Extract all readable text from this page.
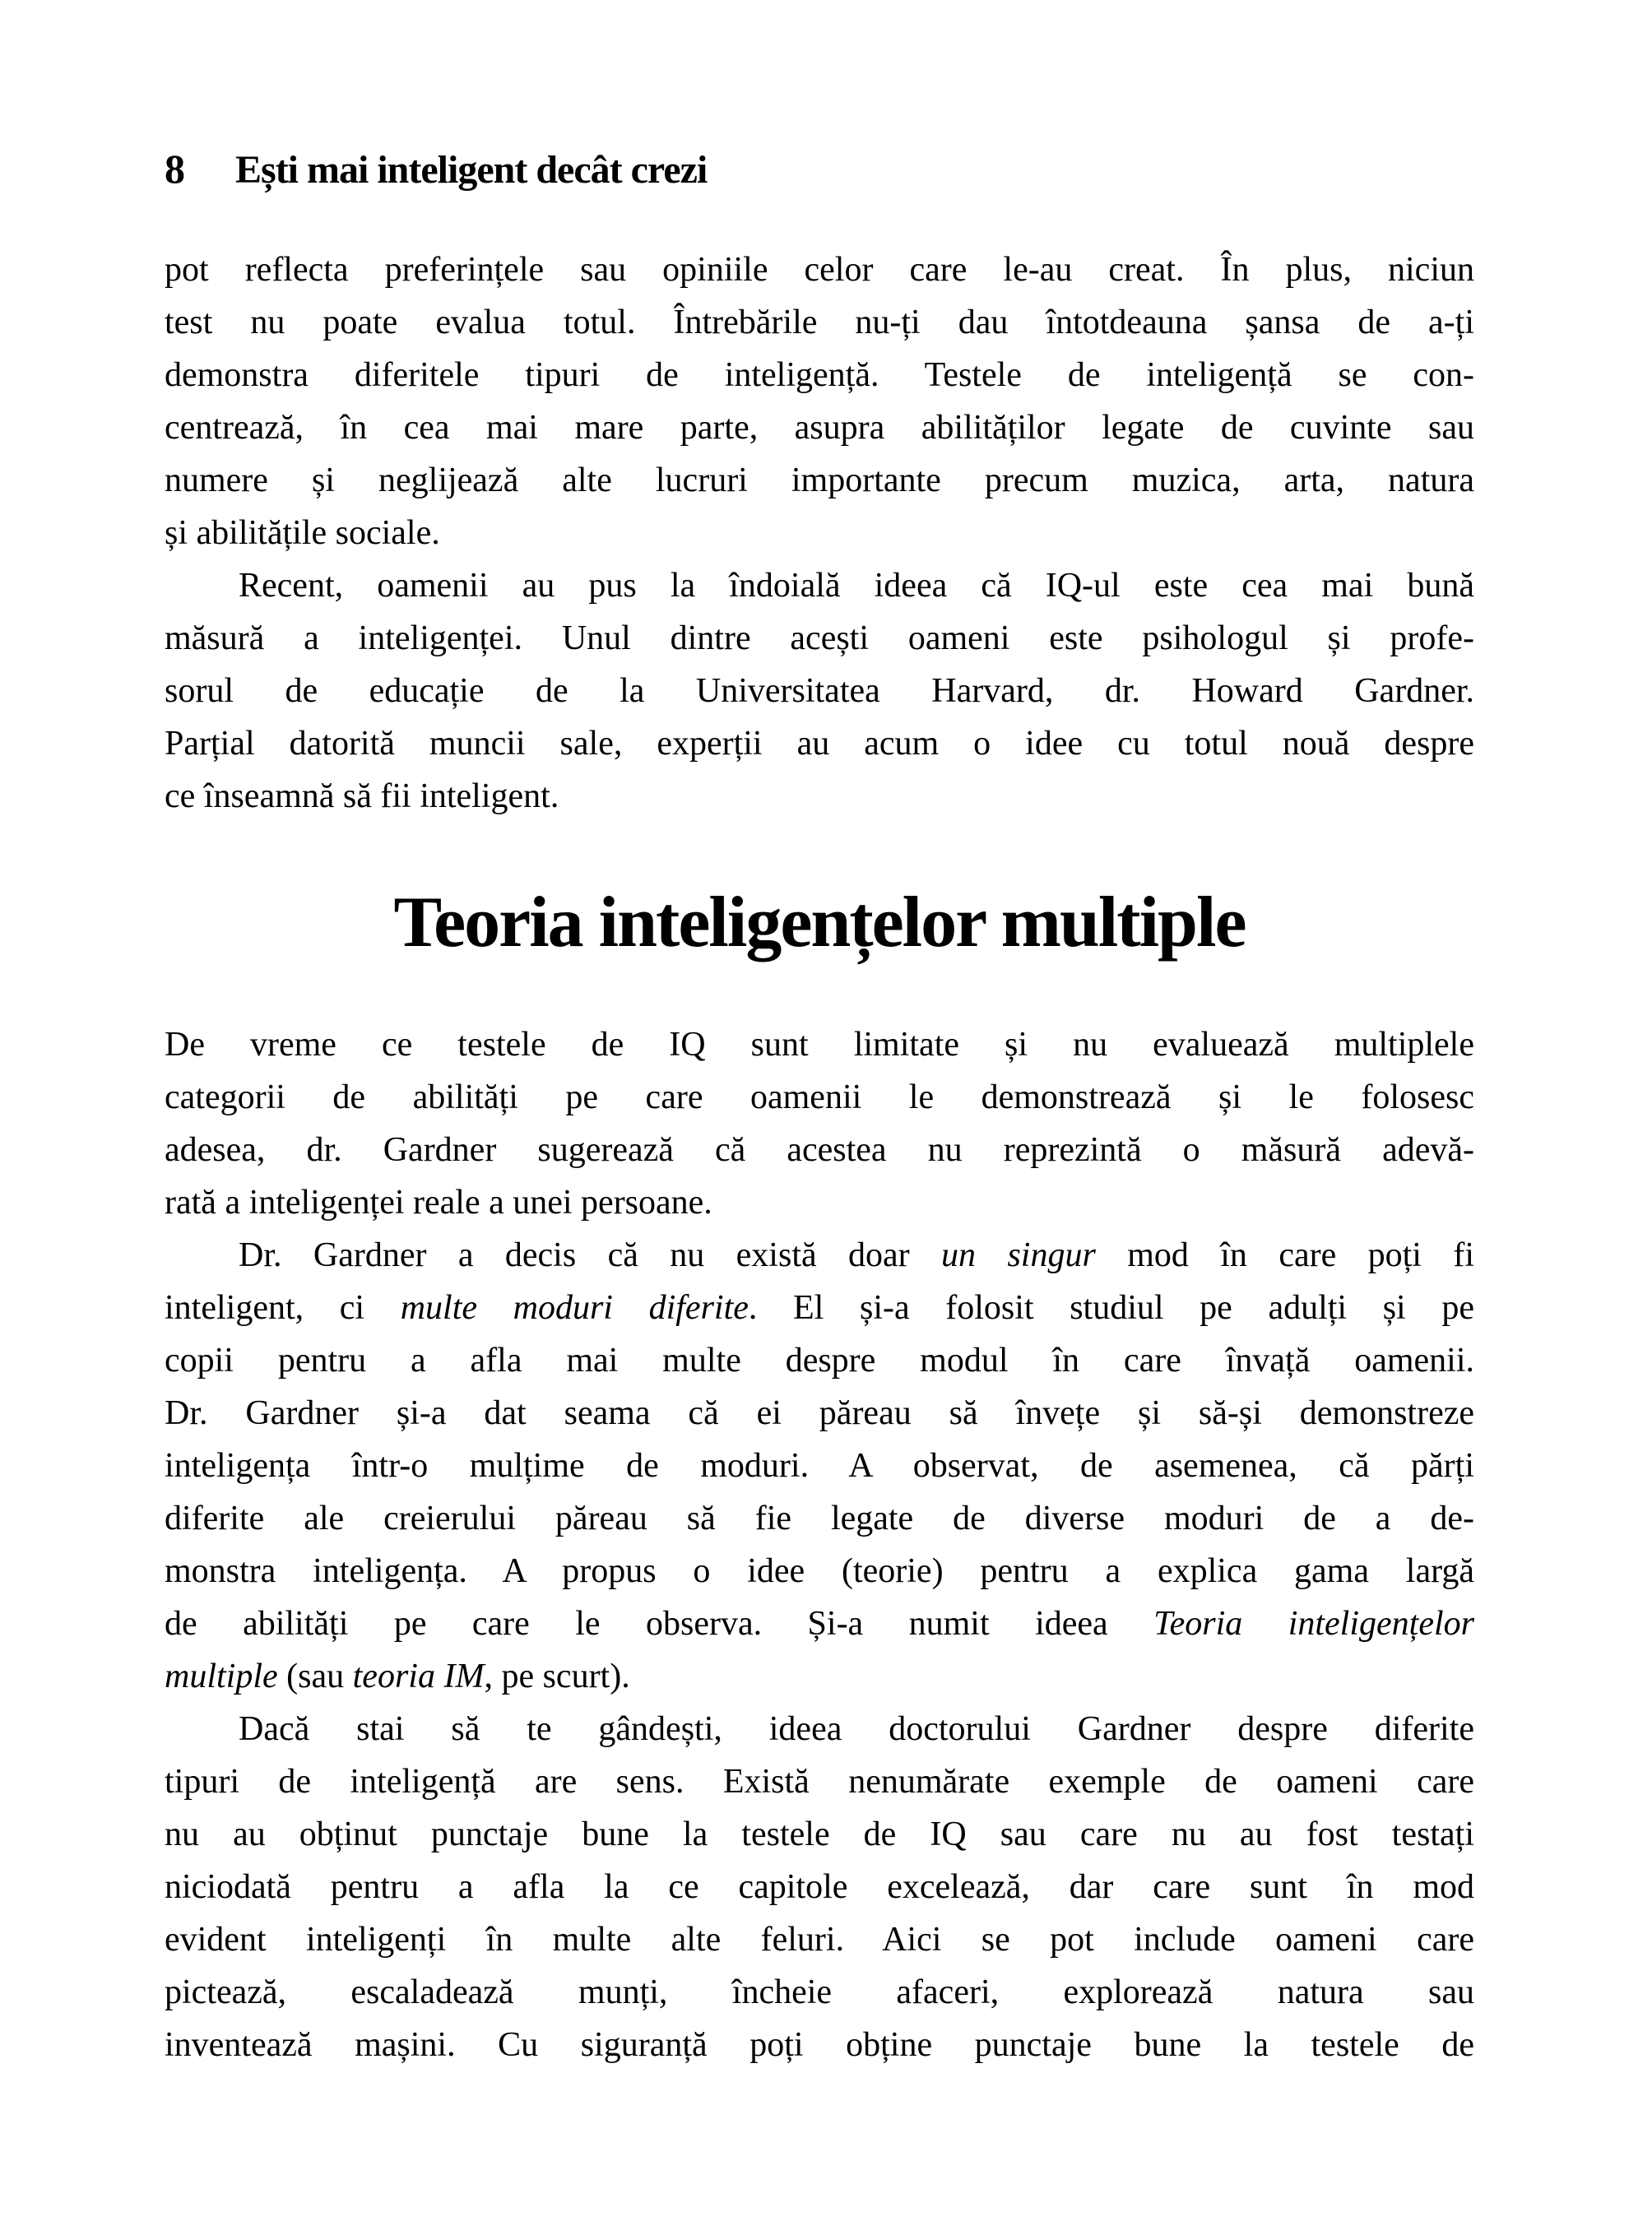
8 Ești mai inteligent decât crezi
pot reflecta preferințele sau opiniile celor care le-au creat. În plus, niciun
test nu poate evalua totul. Întrebările nu-ți dau întotdeauna șansa de a-ți
demonstra diferitele tipuri de inteligență. Testele de inteligență se con-
centrează, în cea mai mare parte, asupra abilităților legate de cuvinte sau
numere și neglijează alte lucruri importante precum muzica, arta, natura
și abilitățile sociale.
Recent, oamenii au pus la îndoială ideea că IQ-ul este cea mai bună
măsură a inteligenței. Unul dintre acești oameni este psihologul și profe-
sorul de educație de la Universitatea Harvard, dr. Howard Gardner.
Parțial datorită muncii sale, experții au acum o idee cu totul nouă despre
ce înseamnă să fii inteligent.
Teoria inteligențelor multiple
De vreme ce testele de IQ sunt limitate și nu evaluează multiplele
categorii de abilități pe care oamenii le demonstrează și le folosesc
adesea, dr. Gardner sugerează că acestea nu reprezintă o măsură adevă-
rată a inteligenței reale a unei persoane.
Dr. Gardner a decis că nu există doar un singur mod în care poți fi
inteligent, ci multe moduri diferite. El și-a folosit studiul pe adulți și pe
copii pentru a afla mai multe despre modul în care învață oamenii.
Dr. Gardner și-a dat seama că ei păreau să învețe și să-și demonstreze
inteligența într-o mulțime de moduri. A observat, de asemenea, că părți
diferite ale creierului păreau să fie legate de diverse moduri de a de-
monstra inteligența. A propus o idee (teorie) pentru a explica gama largă
de abilități pe care le observa. Și-a numit ideea Teoria inteligențelor
multiple (sau teoria IM, pe scurt).
Dacă stai să te gândești, ideea doctorului Gardner despre diferite
tipuri de inteligență are sens. Există nenumărate exemple de oameni care
nu au obținut punctaje bune la testele de IQ sau care nu au fost testați
niciodată pentru a afla la ce capitole excelează, dar care sunt în mod
evident inteligenți în multe alte feluri. Aici se pot include oameni care
pictează, escaladează munți, încheie afaceri, explorează natura sau
inventează mașini. Cu siguranță poți obține punctaje bune la testele de
